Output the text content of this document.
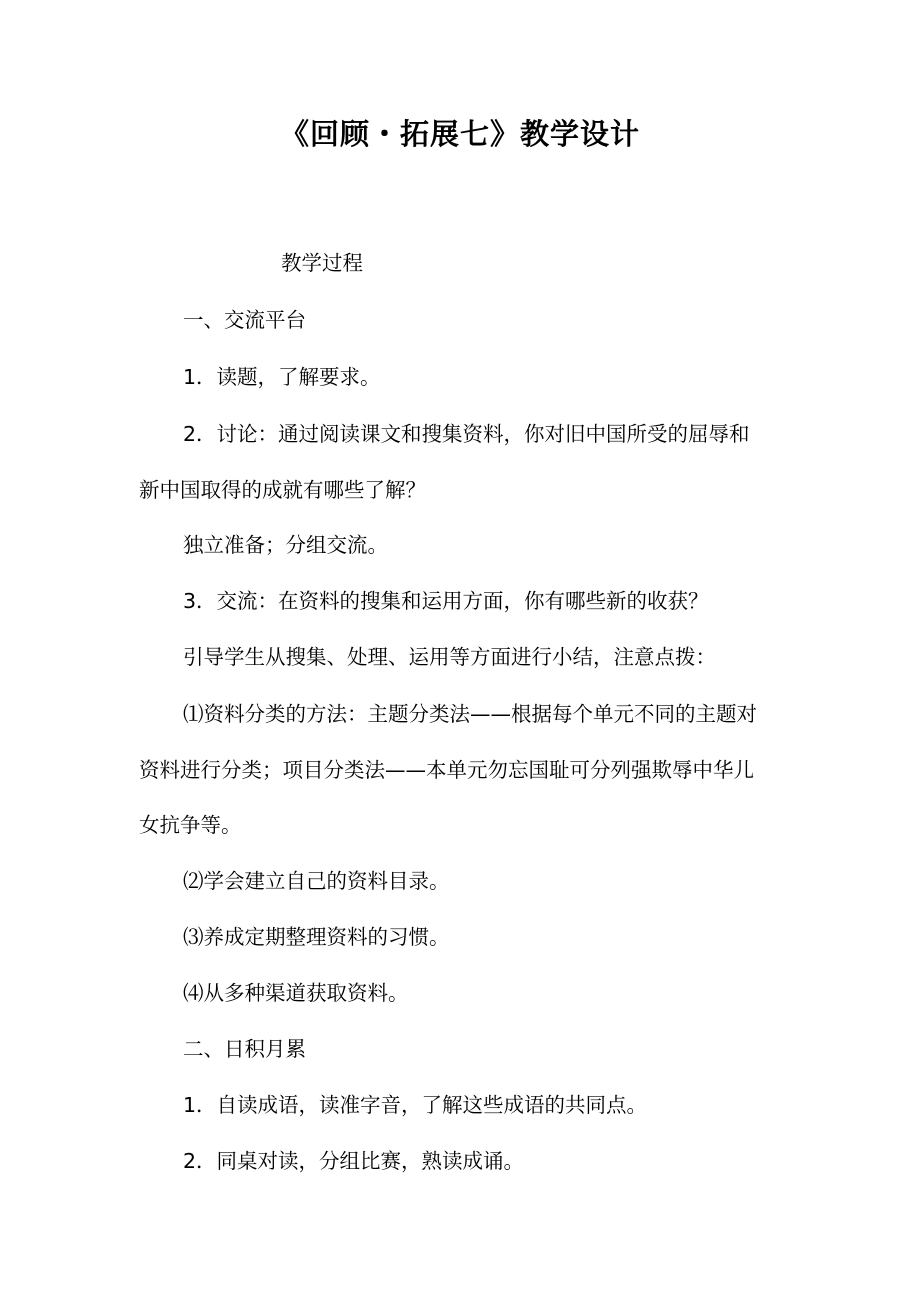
《回顾・拓展七》教学设计
教学过程
一、交流平台
1．读题，了解要求。
2．讨论：通过阅读课文和搜集资料，你对旧中国所受的屈辱和
新中国取得的成就有哪些了解？
独立准备；分组交流。
3．交流：在资料的搜集和运用方面，你有哪些新的收获？
引导学生从搜集、处理、运用等方面进行小结，注意点拨：
⑴资料分类的方法：主题分类法——根据每个单元不同的主题对
资料进行分类；项目分类法——本单元勿忘国耻可分列强欺辱中华儿
女抗争等。
⑵学会建立自己的资料目录。
⑶养成定期整理资料的习惯。
⑷从多种渠道获取资料。
二、日积月累
1．自读成语，读准字音，了解这些成语的共同点。
2．同桌对读，分组比赛，熟读成诵。
